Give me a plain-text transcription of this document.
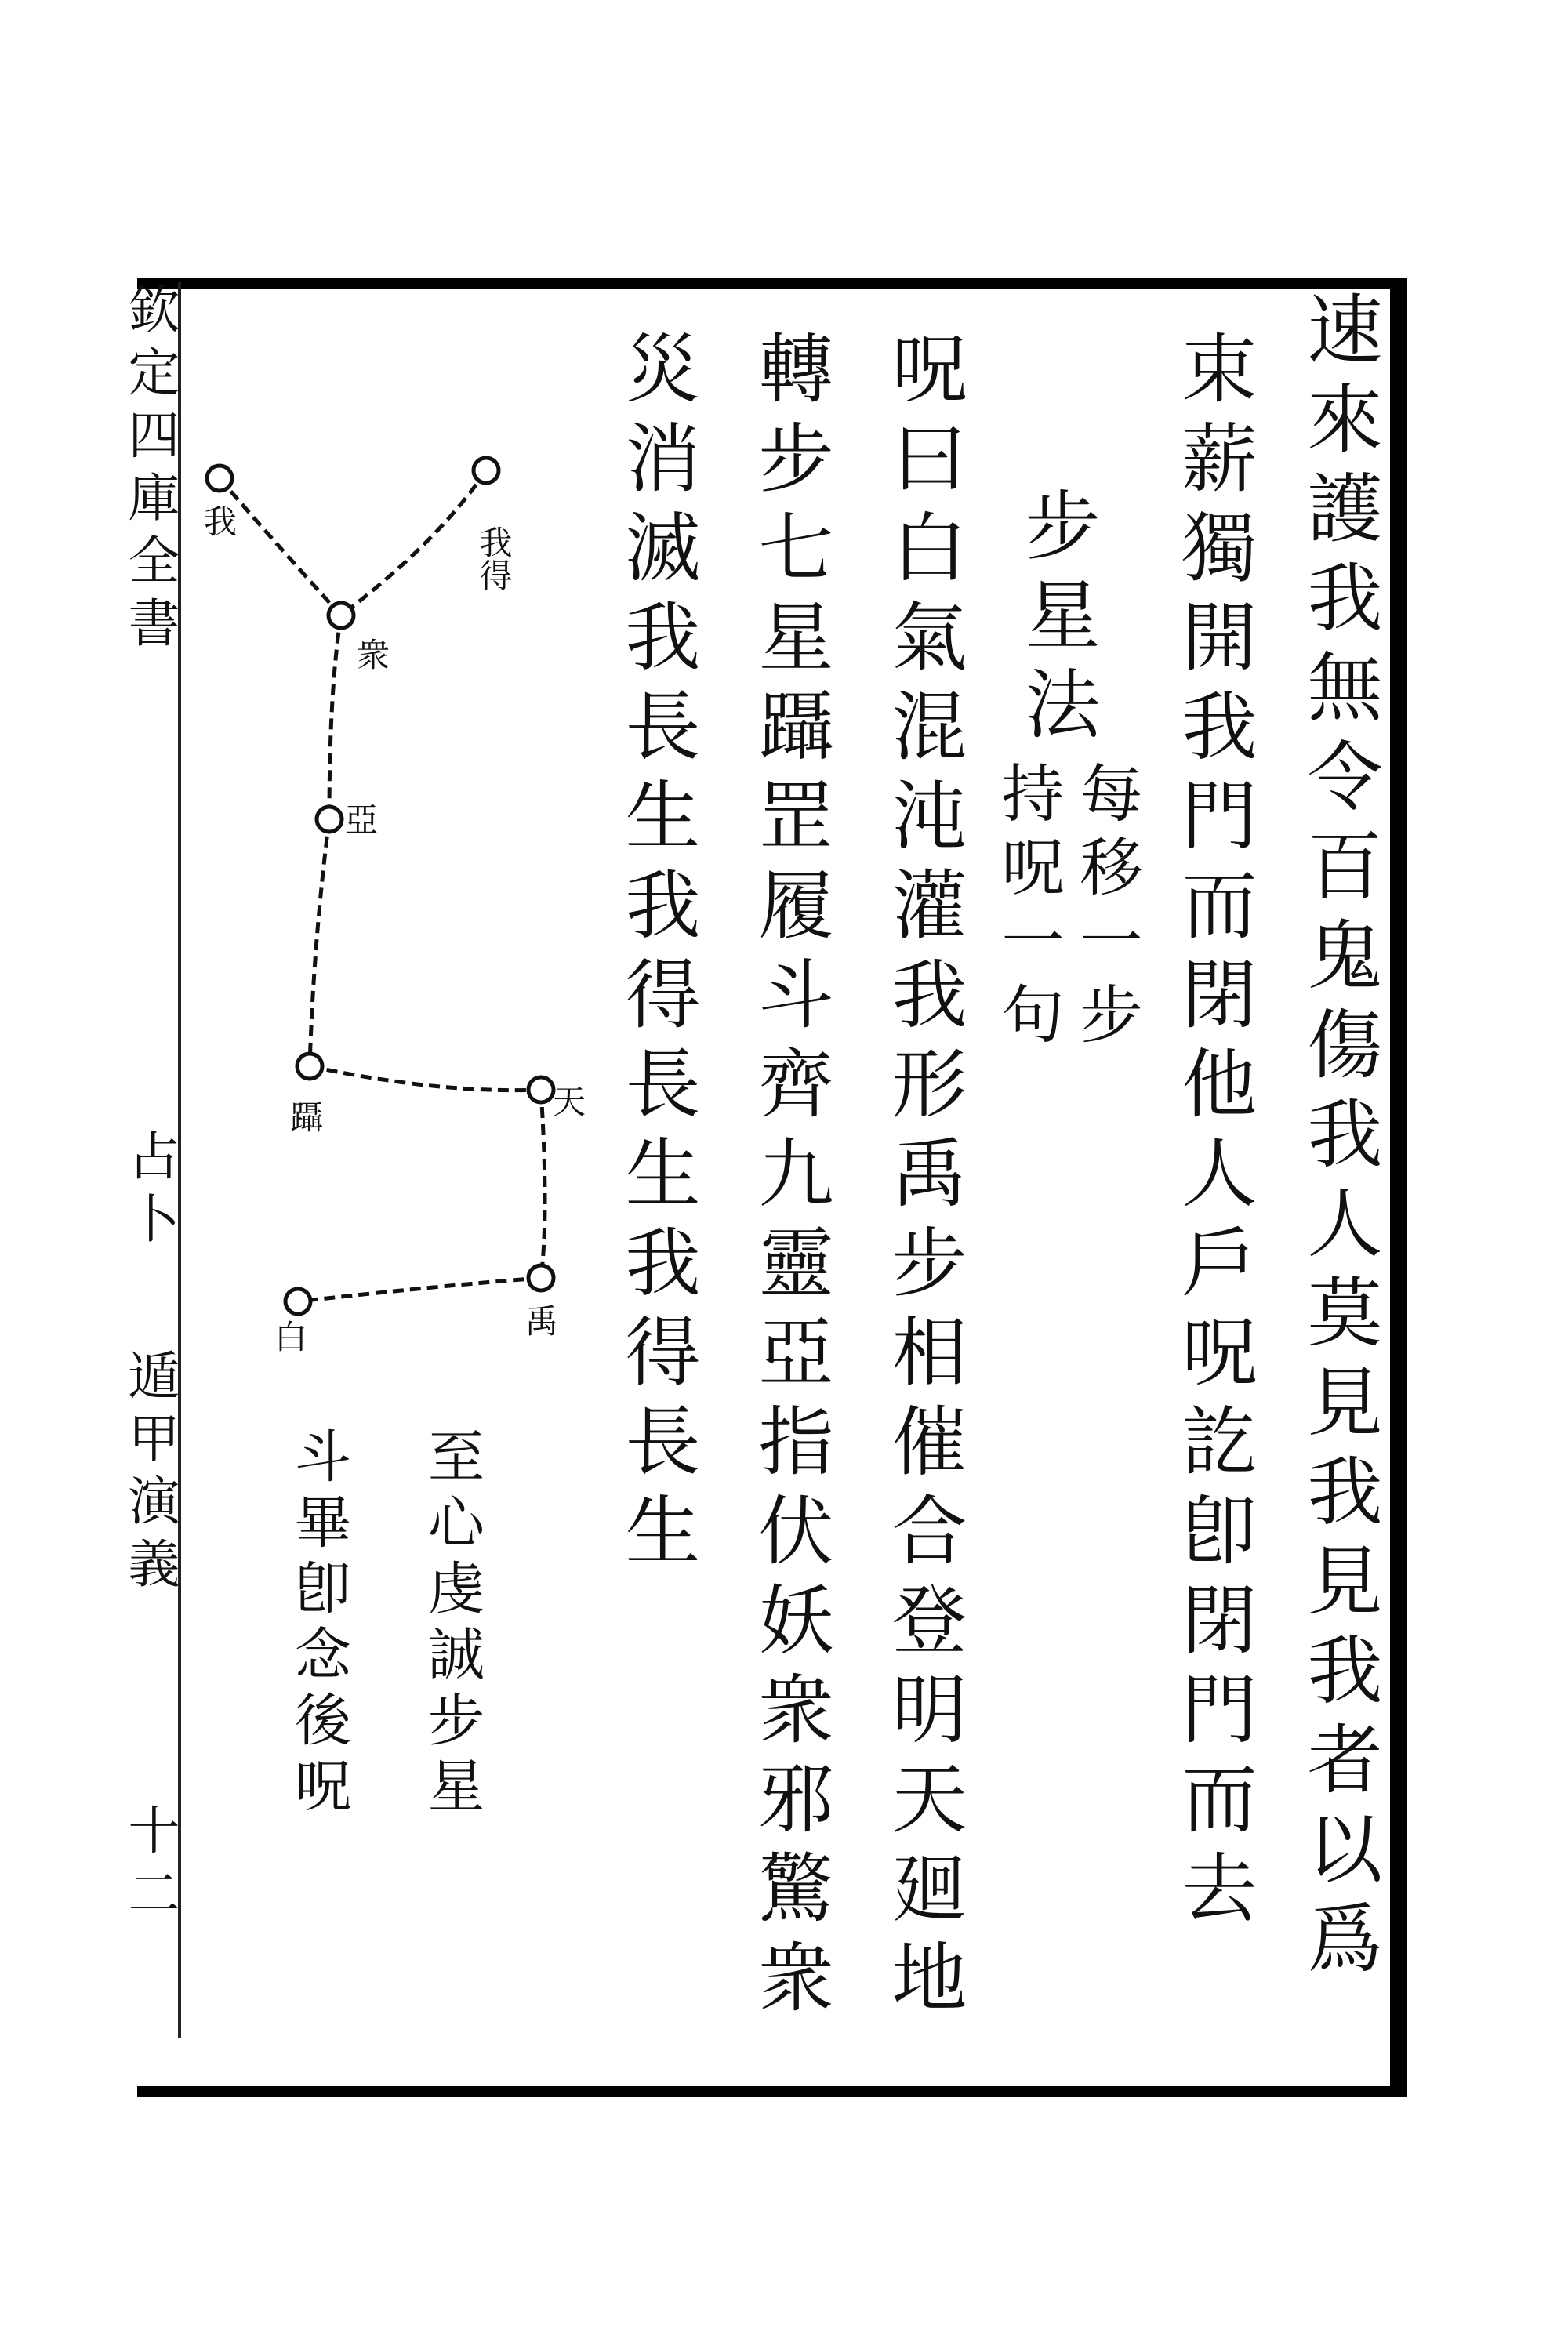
欽定四庫全書
占卜
遁甲演義
十二	速來護我無令百鬼傷我人莫見我見我者以爲
束薪獨開我門而閉他人戶呪訖卽閉門而去
步星法
每移一步
持呪一句
呪曰白氣混沌灌我形禹步相催合登明天廻地
轉步七星躡罡履斗齊九靈亞指伏妖衆邪驚衆
災消滅我長生我得長生我得長生
至心虔誠步星
斗畢卽念後呪
我
我得
衆
亞
躡	天
禹
白
